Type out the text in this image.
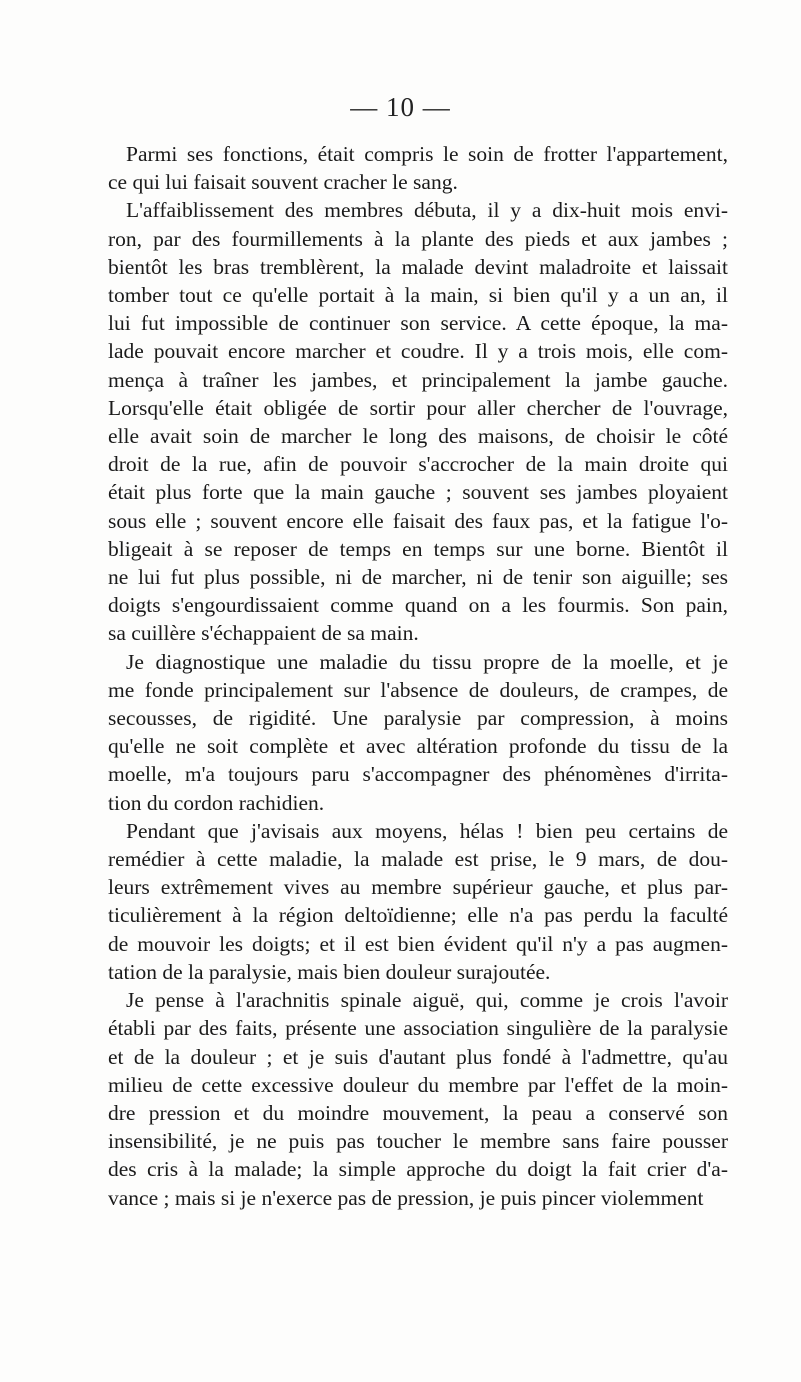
— 10 —
Parmi ses fonctions, était compris le soin de frotter l'appartement,
ce qui lui faisait souvent cracher le sang.
L'affaiblissement des membres débuta, il y a dix-huit mois envi-
ron, par des fourmillements à la plante des pieds et aux jambes ;
bientôt les bras tremblèrent, la malade devint maladroite et laissait
tomber tout ce qu'elle portait à la main, si bien qu'il y a un an, il
lui fut impossible de continuer son service. A cette époque, la ma-
lade pouvait encore marcher et coudre. Il y a trois mois, elle com-
mença à traîner les jambes, et principalement la jambe gauche.
Lorsqu'elle était obligée de sortir pour aller chercher de l'ouvrage,
elle avait soin de marcher le long des maisons, de choisir le côté
droit de la rue, afin de pouvoir s'accrocher de la main droite qui
était plus forte que la main gauche ; souvent ses jambes ployaient
sous elle ; souvent encore elle faisait des faux pas, et la fatigue l'o-
bligeait à se reposer de temps en temps sur une borne. Bientôt il
ne lui fut plus possible, ni de marcher, ni de tenir son aiguille; ses
doigts s'engourdissaient comme quand on a les fourmis. Son pain,
sa cuillère s'échappaient de sa main.
Je diagnostique une maladie du tissu propre de la moelle, et je
me fonde principalement sur l'absence de douleurs, de crampes, de
secousses, de rigidité. Une paralysie par compression, à moins
qu'elle ne soit complète et avec altération profonde du tissu de la
moelle, m'a toujours paru s'accompagner des phénomènes d'irrita-
tion du cordon rachidien.
Pendant que j'avisais aux moyens, hélas ! bien peu certains de
remédier à cette maladie, la malade est prise, le 9 mars, de dou-
leurs extrêmement vives au membre supérieur gauche, et plus par-
ticulièrement à la région deltoïdienne; elle n'a pas perdu la faculté
de mouvoir les doigts; et il est bien évident qu'il n'y a pas augmen-
tation de la paralysie, mais bien douleur surajoutée.
Je pense à l'arachnitis spinale aiguë, qui, comme je crois l'avoir
établi par des faits, présente une association singulière de la paralysie
et de la douleur ; et je suis d'autant plus fondé à l'admettre, qu'au
milieu de cette excessive douleur du membre par l'effet de la moin-
dre pression et du moindre mouvement, la peau a conservé son
insensibilité, je ne puis pas toucher le membre sans faire pousser
des cris à la malade; la simple approche du doigt la fait crier d'a-
vance ; mais si je n'exerce pas de pression, je puis pincer violemment
